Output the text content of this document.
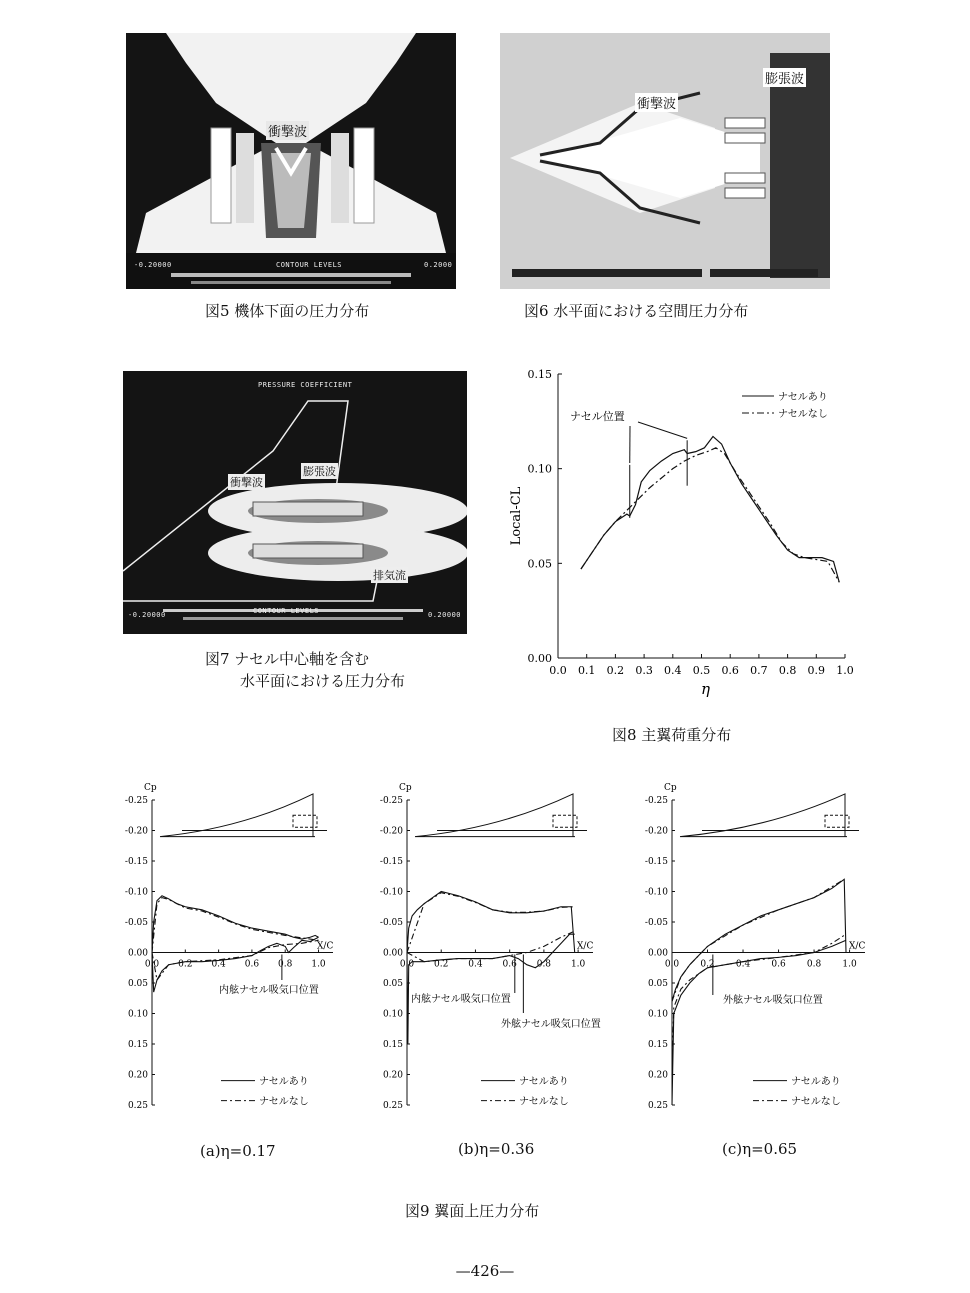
衝撃波
-0.20000	CONTOUR LEVELS	0.2000
図5 機体下面の圧力分布
衝撃波
膨張波
図6 水平面における空間圧力分布
PRESSURE COEFFICIENT
衝撃波
膨張波
排気流
-0.20000	CONTOUR LEVELS	0.20000
図7 ナセル中心軸を含む
水平面における圧力分布
0.0 0.1 0.2 0.3 0.4 0.5 0.6 0.7 0.8 0.9 1.0
0.00
0.05
0.10
0.15
η
Local-CL
ナセルあり
ナセルなし
ナセル位置
図8 主翼荷重分布
Cp
X/C
-0.25
-0.20
-0.15
-0.10
-0.05
0.00
0.05
0.10
0.15
0.20
0.25
0.0 0.2 0.4 0.6 0.8 1.0
ナセルあり
ナセルなし
内舷ナセル吸気口位置
Cp
X/C
-0.25
-0.20
-0.15
-0.10
-0.05
0.00
0.05
0.10
0.15
0.20
0.25
0.0 0.2 0.4 0.6 0.8 1.0
ナセルあり
ナセルなし
内舷ナセル吸気口位置
外舷ナセル吸気口位置
Cp
X/C
-0.25
-0.20
-0.15
-0.10
-0.05
0.00
0.05
0.10
0.15
0.20
0.25
0.0 0.2 0.4 0.6 0.8 1.0
ナセルあり
ナセルなし
外舷ナセル吸気口位置
(a)η=0.17	(b)η=0.36	(c)η=0.65
図9 翼面上圧力分布
—426—
